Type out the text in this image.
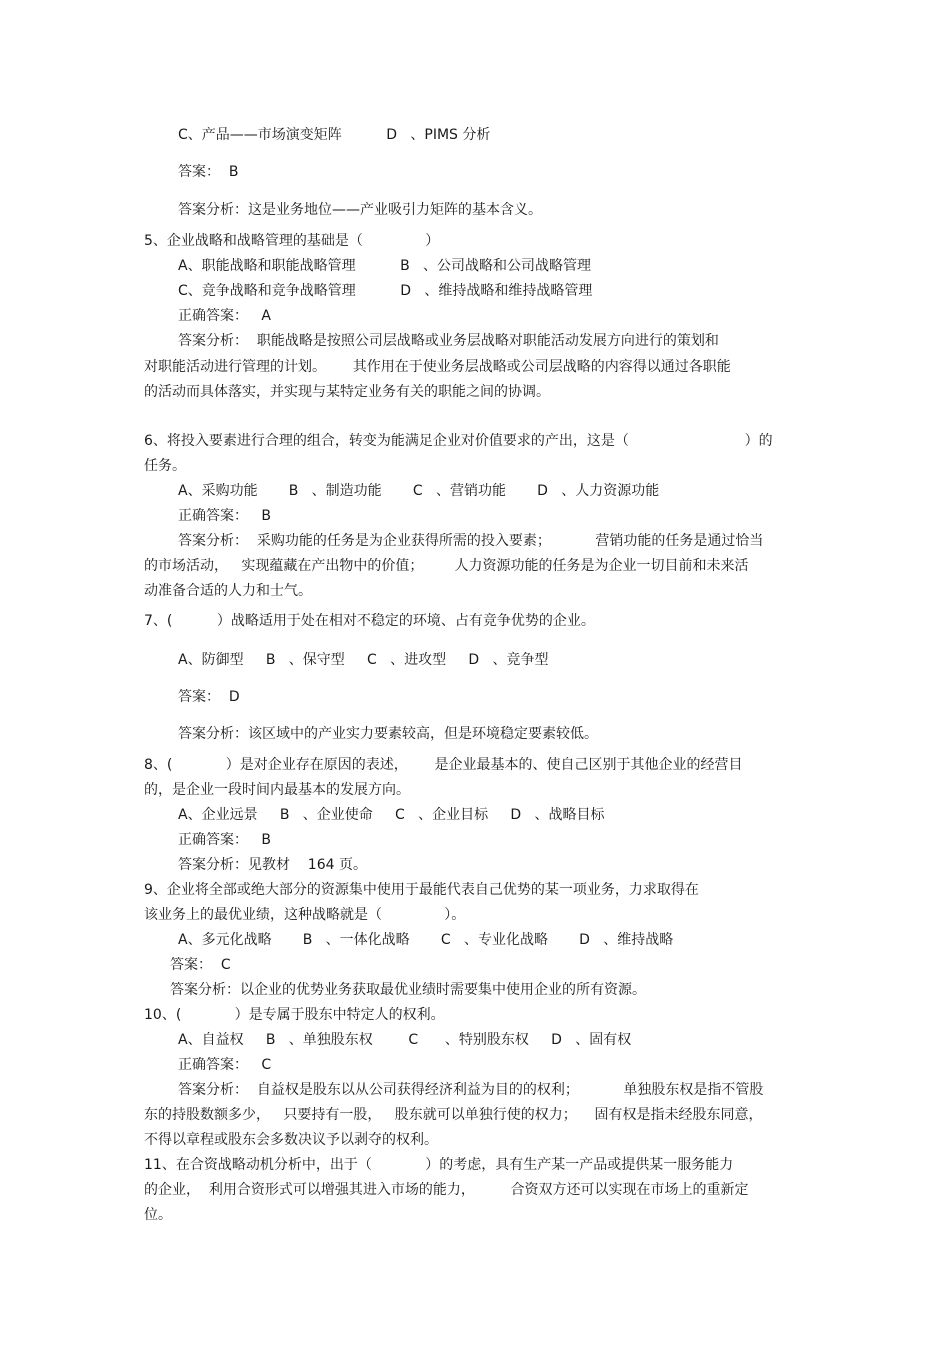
C、产品——市场演变矩阵          D   、PIMS 分析
答案：  B
答案分析：这是业务地位——产业吸引力矩阵的基本含义。
5、企业战略和战略管理的基础是（              ）
A、职能战略和职能战略管理          B   、公司战略和公司战略管理
C、竞争战略和竞争战略管理          D   、维持战略和维持战略管理
正确答案：   A
答案分析：  职能战略是按照公司层战略或业务层战略对职能活动发展方向进行的策划和
对职能活动进行管理的计划。      其作用在于使业务层战略或公司层战略的内容得以通过各职能
的活动而具体落实，并实现与某特定业务有关的职能之间的协调。
6、将投入要素进行合理的组合，转变为能满足企业对价值要求的产出，这是（                          ）的
任务。
A、采购功能       B   、制造功能       C   、营销功能       D   、人力资源功能
正确答案：   B
答案分析：  采购功能的任务是为企业获得所需的投入要素；          营销功能的任务是通过恰当
的市场活动，   实现蕴藏在产出物中的价值；       人力资源功能的任务是为企业一切目前和未来活
动准备合适的人力和士气。
7、(          ）战略适用于处在相对不稳定的环境、占有竞争优势的企业。
A、防御型     B   、保守型     C   、进攻型     D   、竞争型
答案：  D
答案分析：该区域中的产业实力要素较高，但是环境稳定要素较低。
8、(            ）是对企业存在原因的表述，      是企业最基本的、使自己区别于其他企业的经营目
的，是企业一段时间内最基本的发展方向。
A、企业远景     B   、企业使命     C   、企业目标     D   、战略目标
正确答案：   B
答案分析：见教材    164 页。
9、企业将全部或绝大部分的资源集中使用于最能代表自己优势的某一项业务，力求取得在
该业务上的最优业绩，这种战略就是（              ）。
A、多元化战略       B   、一体化战略       C   、专业化战略       D   、维持战略
答案：  C
答案分析：以企业的优势业务获取最优业绩时需要集中使用企业的所有资源。
10、(            ）是专属于股东中特定人的权利。
A、自益权     B   、单独股东权        C      、特别股东权     D   、固有权
正确答案：   C
答案分析：  自益权是股东以从公司获得经济利益为目的的权利；          单独股东权是指不管股
东的持股数额多少，   只要持有一股，   股东就可以单独行使的权力；    固有权是指未经股东同意，
不得以章程或股东会多数决议予以剥夺的权利。
11、在合资战略动机分析中，出于（            ）的考虑，具有生产某一产品或提供某一服务能力
的企业，  利用合资形式可以增强其进入市场的能力，        合资双方还可以实现在市场上的重新定
位。
